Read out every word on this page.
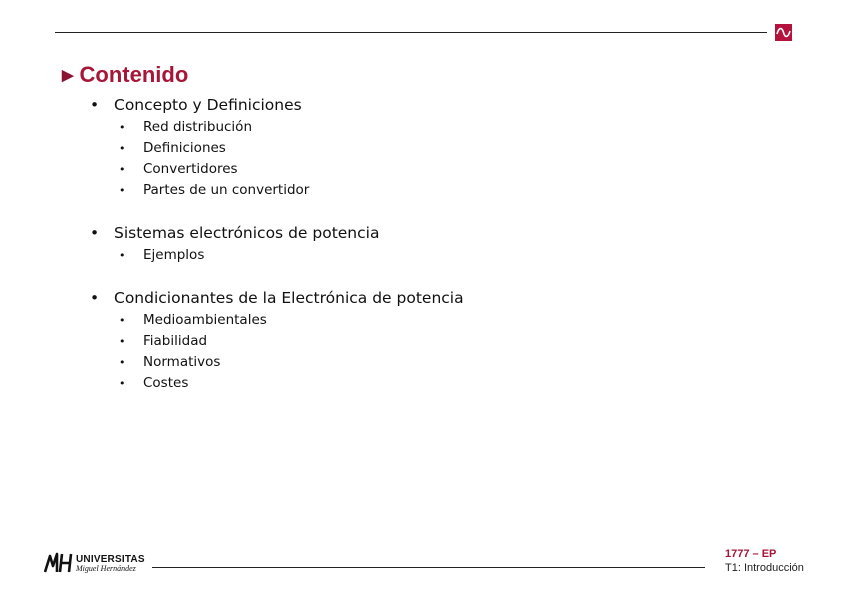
▶ Contenido
• Concepto y Definiciones
• Red distribución
• Definiciones
• Convertidores
• Partes de un convertidor
• Sistemas electrónicos de potencia
• Ejemplos
• Condicionantes de la Electrónica de potencia
• Medioambientales
• Fiabilidad
• Normativos
• Costes
UNIVERSITAS
Miguel Hernández
1777 – EP
T1: Introducción
